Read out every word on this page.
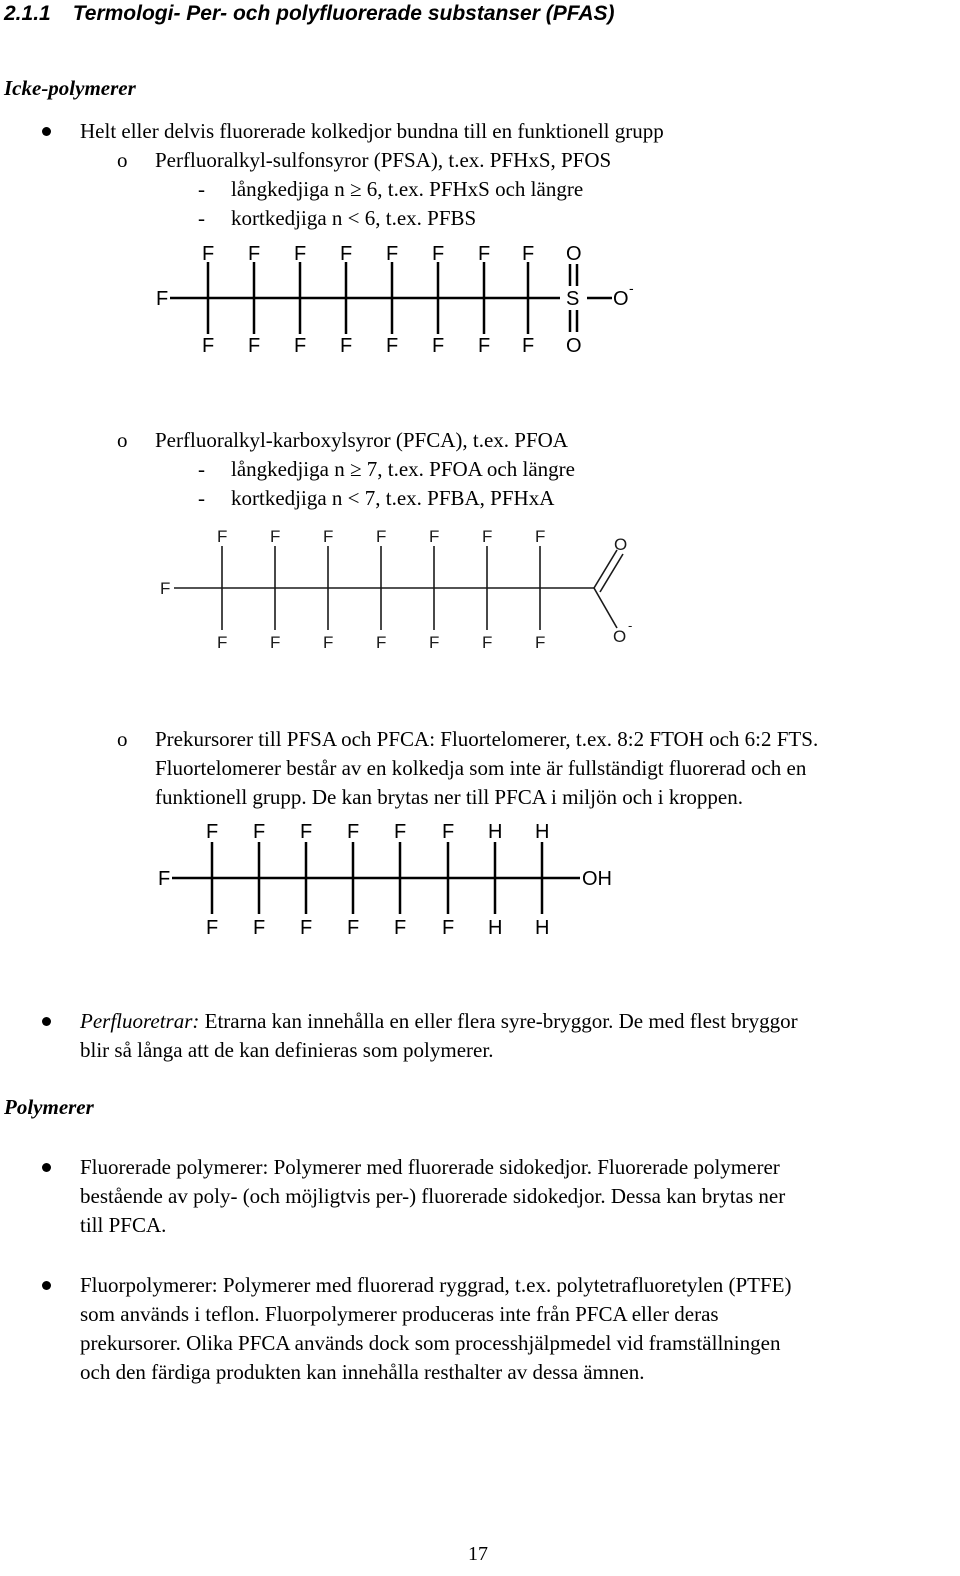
2.1.1 Termologi- Per- och polyfluorerade substanser (PFAS)
Icke-polymerer
Helt eller delvis fluorerade kolkedjor bundna till en funktionell grupp
o Perfluoralkyl-sulfonsyror (PFSA), t.ex. PFHxS, PFOS
- långkedjiga n ≥ 6, t.ex. PFHxS och längre
- kortkedjiga n < 6, t.ex. PFBS
F F F F F F F F
F F F F F F F F
F	S
O
O
O -
o Perfluoralkyl-karboxylsyror (PFCA), t.ex. PFOA
- långkedjiga n ≥ 7, t.ex. PFOA och längre
- kortkedjiga n < 7, t.ex. PFBA, PFHxA
F	F	F	F	F	F	F
F	F	F	F	F	F	F
F
O
O
-
o Prekursorer till PFSA och PFCA: Fluortelomerer, t.ex. 8:2 FTOH och 6:2 FTS.
Fluortelomerer består av en kolkedja som inte är fullständigt fluorerad och en
funktionell grupp. De kan brytas ner till PFCA i miljön och i kroppen.
F F F F F F H H
F F F F F F H H
F	OH
Perfluoretrar: Etrarna kan innehålla en eller flera syre-bryggor. De med flest bryggor
blir så långa att de kan definieras som polymerer.
Polymerer
Fluorerade polymerer: Polymerer med fluorerade sidokedjor. Fluorerade polymerer
bestående av poly- (och möjligtvis per-) fluorerade sidokedjor. Dessa kan brytas ner
till PFCA.
Fluorpolymerer: Polymerer med fluorerad ryggrad, t.ex. polytetrafluoretylen (PTFE)
som används i teflon. Fluorpolymerer produceras inte från PFCA eller deras
prekursorer. Olika PFCA används dock som processhjälpmedel vid framställningen
och den färdiga produkten kan innehålla resthalter av dessa ämnen.
17
